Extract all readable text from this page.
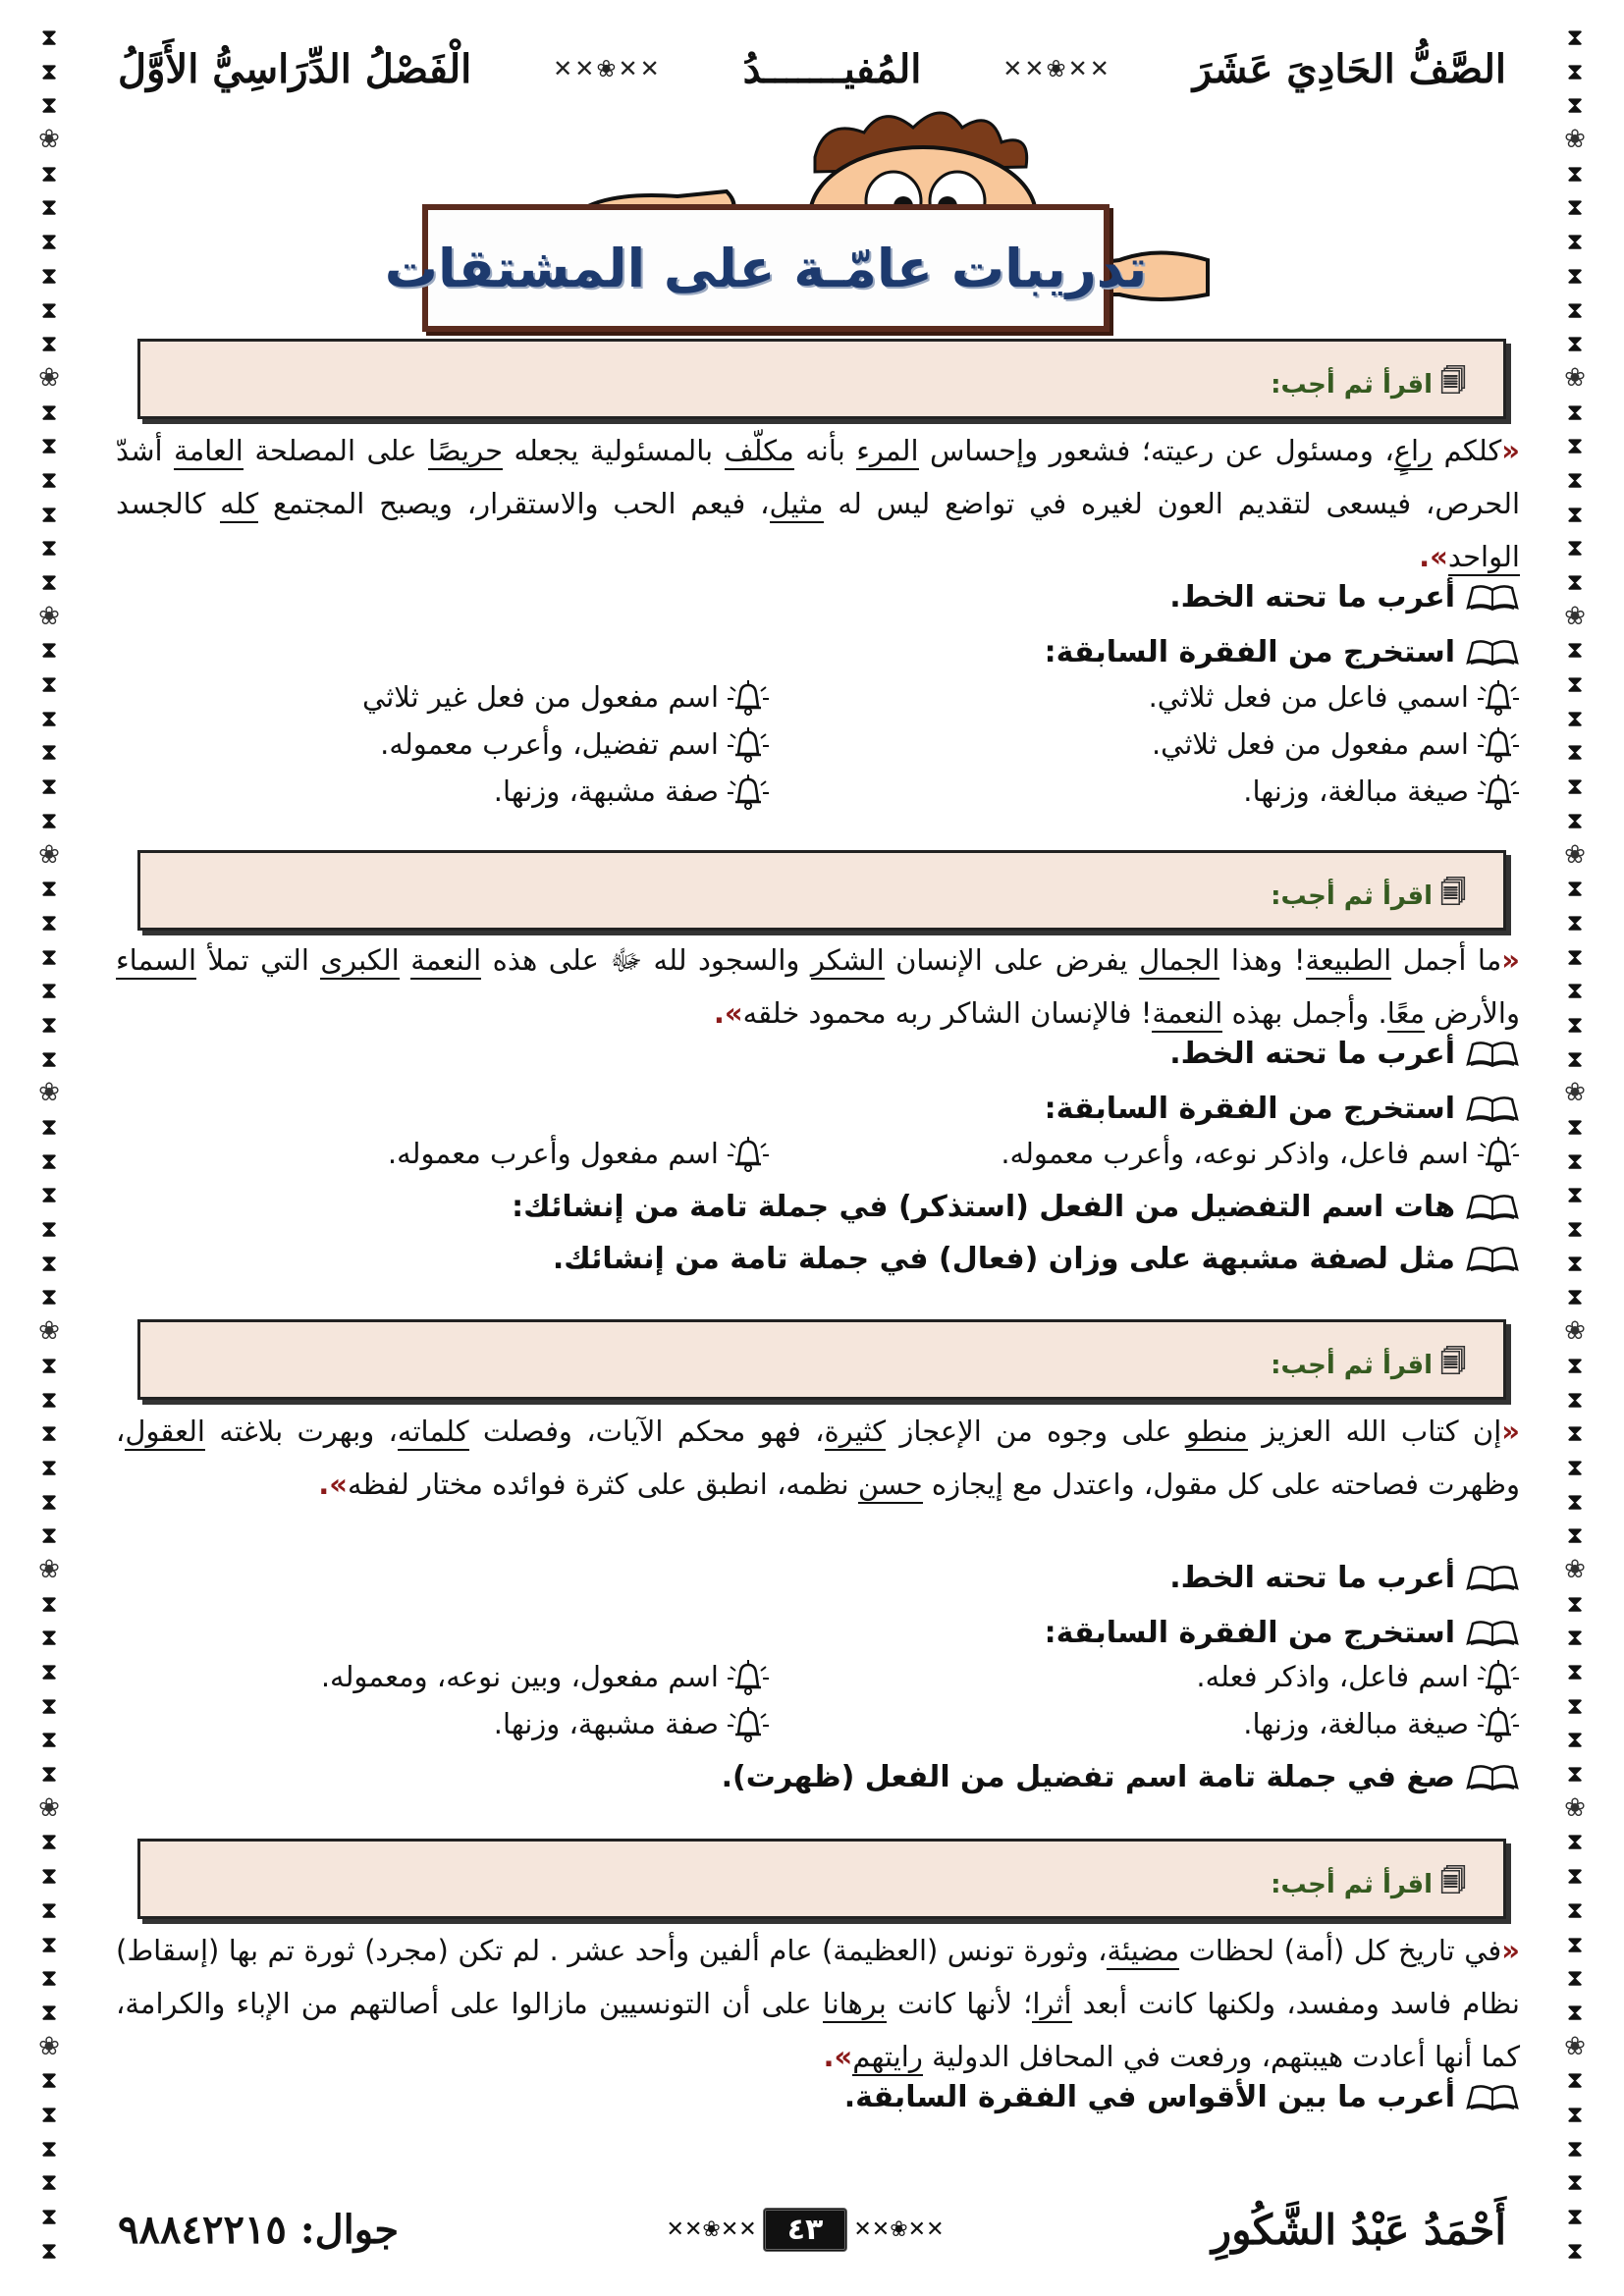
⧗
⧗
⧗
❀
⧗
⧗
⧗
⧗
⧗
⧗
❀
⧗
⧗
⧗
⧗
⧗
⧗
❀
⧗
⧗
⧗
⧗
⧗
⧗
❀
⧗
⧗
⧗
⧗
⧗
⧗
❀
⧗
⧗
⧗
⧗
⧗
⧗
❀
⧗
⧗
⧗
⧗
⧗
⧗
❀
⧗
⧗
⧗
⧗
⧗
⧗
❀
⧗
⧗
⧗
⧗
⧗
⧗
❀
⧗
⧗
⧗
⧗
⧗
⧗
⧗
⧗
⧗
❀
⧗
⧗
⧗
⧗
⧗
⧗
❀
⧗
⧗
⧗
⧗
⧗
⧗
❀
⧗
⧗
⧗
⧗
⧗
⧗
❀
⧗
⧗
⧗
⧗
⧗
⧗
❀
⧗
⧗
⧗
⧗
⧗
⧗
❀
⧗
⧗
⧗
⧗
⧗
⧗
❀
⧗
⧗
⧗
⧗
⧗
⧗
❀
⧗
⧗
⧗
⧗
⧗
⧗
❀
⧗
⧗
⧗
⧗
⧗
⧗
الصَّفُّ الحَادِيَ عَشَرَ
✕✕❀✕✕
المُفيـــــــدُ
✕✕❀✕✕
الْفَصْلُ الدِّرَاسِيُّ الأَوَّلُ
تدريبات عامّـة على المشتقات
🗐
اقرأ ثم أجب:
«كلكم راعٍ، ومسئول عن رعيته؛ فشعور وإحساس المرء بأنه مكلّف بالمسئولية يجعله حريصًا على المصلحة العامة أشدّ الحرص، فيسعى لتقديم العون لغيره في تواضع ليس له مثيل، فيعم الحب والاستقرار، ويصبح المجتمع كله كالجسد الواحد».
أعرب ما تحته الخط.
استخرج من الفقرة السابقة:
اسمي فاعل من فعل ثلاثي.
اسم مفعول من فعل غير ثلاثي
اسم مفعول من فعل ثلاثي.
اسم تفضيل، وأعرب معموله.
صيغة مبالغة، وزنها.
صفة مشبهة، وزنها.
🗐
اقرأ ثم أجب:
«ما أجمل الطبيعة! وهذا الجمال يفرض على الإنسان الشكر والسجود لله ﷻ على هذه النعمة الكبرى التي تملأ السماء والأرض معًا. وأجمل بهذه النعمة! فالإنسان الشاكر ربه محمود خلقه».
أعرب ما تحته الخط.
استخرج من الفقرة السابقة:
اسم فاعل، واذكر نوعه، وأعرب معموله.
اسم مفعول وأعرب معموله.
هات اسم التفضيل من الفعل (استذكر) في جملة تامة من إنشائك:
مثل لصفة مشبهة على وزان (فعال) في جملة تامة من إنشائك.
🗐
اقرأ ثم أجب:
«إن كتاب الله العزيز منطو على وجوه من الإعجاز كثيرة، فهو محكم الآيات، وفصلت كلماته، وبهرت بلاغته العقول، وظهرت فصاحته على كل مقول، واعتدل مع إيجازه حسن نظمه، انطبق على كثرة فوائده مختار لفظه».
أعرب ما تحته الخط.
استخرج من الفقرة السابقة:
اسم فاعل، واذكر فعله.
اسم مفعول، وبين نوعه، ومعموله.
صيغة مبالغة، وزنها.
صفة مشبهة، وزنها.
صغ في جملة تامة اسم تفضيل من الفعل (ظهرت).
🗐
اقرأ ثم أجب:
«في تاريخ كل (أمة) لحظات مضيئة، وثورة تونس (العظيمة) عام ألفين وأحد عشر . لم تكن (مجرد) ثورة تم بها (إسقاط) نظام فاسد ومفسد، ولكنها كانت أبعد أثرا؛ لأنها كانت برهانا على أن التونسيين مازالوا على أصالتهم من الإباء والكرامة، كما أنها أعادت هيبتهم، ورفعت في المحافل الدولية رايتهم».
أعرب ما بين الأقواس في الفقرة السابقة.
أَحْمَدُ عَبْدُ الشَّكُورِ
✕✕❀✕✕
٤٣
✕✕❀✕✕
جوال: ٩٨٨٤٢٢١٥
